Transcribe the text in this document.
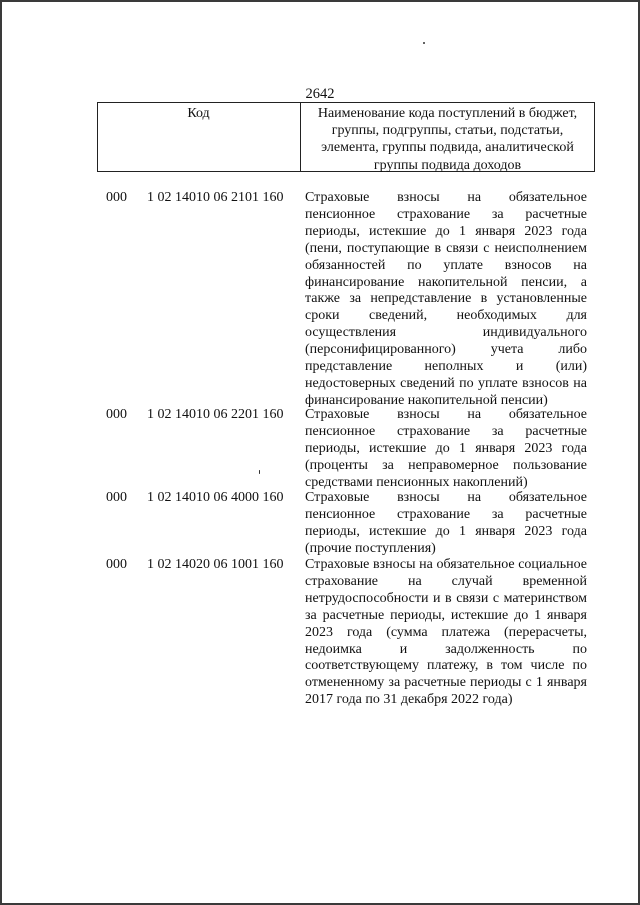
2642
Код	Наименование кода поступлений в бюджет, группы, подгруппы, статьи, подстатьи, элемента, группы подвида, аналитической группы подвида доходов
000 1 02 14010 06 2101 160 Страховые взносы на обязательное пенсионное страхование за расчетные периоды, истекшие до 1 января 2023 года (пени, поступающие в связи с неисполнением обязанностей по уплате взносов на финансирование накопительной пенсии, а также за непредставление в установленные сроки сведений, необходимых для осуществления индивидуального (персонифицированного) учета либо представление неполных и (или) недостоверных сведений по уплате взносов на финансирование накопительной пенсии)
000 1 02 14010 06 2201 160 Страховые взносы на обязательное пенсионное страхование за расчетные периоды, истекшие до 1 января 2023 года (проценты за неправомерное пользование средствами пенсионных накоплений)
000 1 02 14010 06 4000 160 Страховые взносы на обязательное пенсионное страхование за расчетные периоды, истекшие до 1 января 2023 года (прочие поступления)
000 1 02 14020 06 1001 160 Страховые взносы на обязательное социальное страхование на случай временной нетрудоспособности и в связи с материнством за расчетные периоды, истекшие до 1 января 2023 года (сумма платежа (перерасчеты, недоимка и задолженность по соответствующему платежу, в том числе по отмененному за расчетные периоды с 1 января 2017 года по 31 декабря 2022 года)
